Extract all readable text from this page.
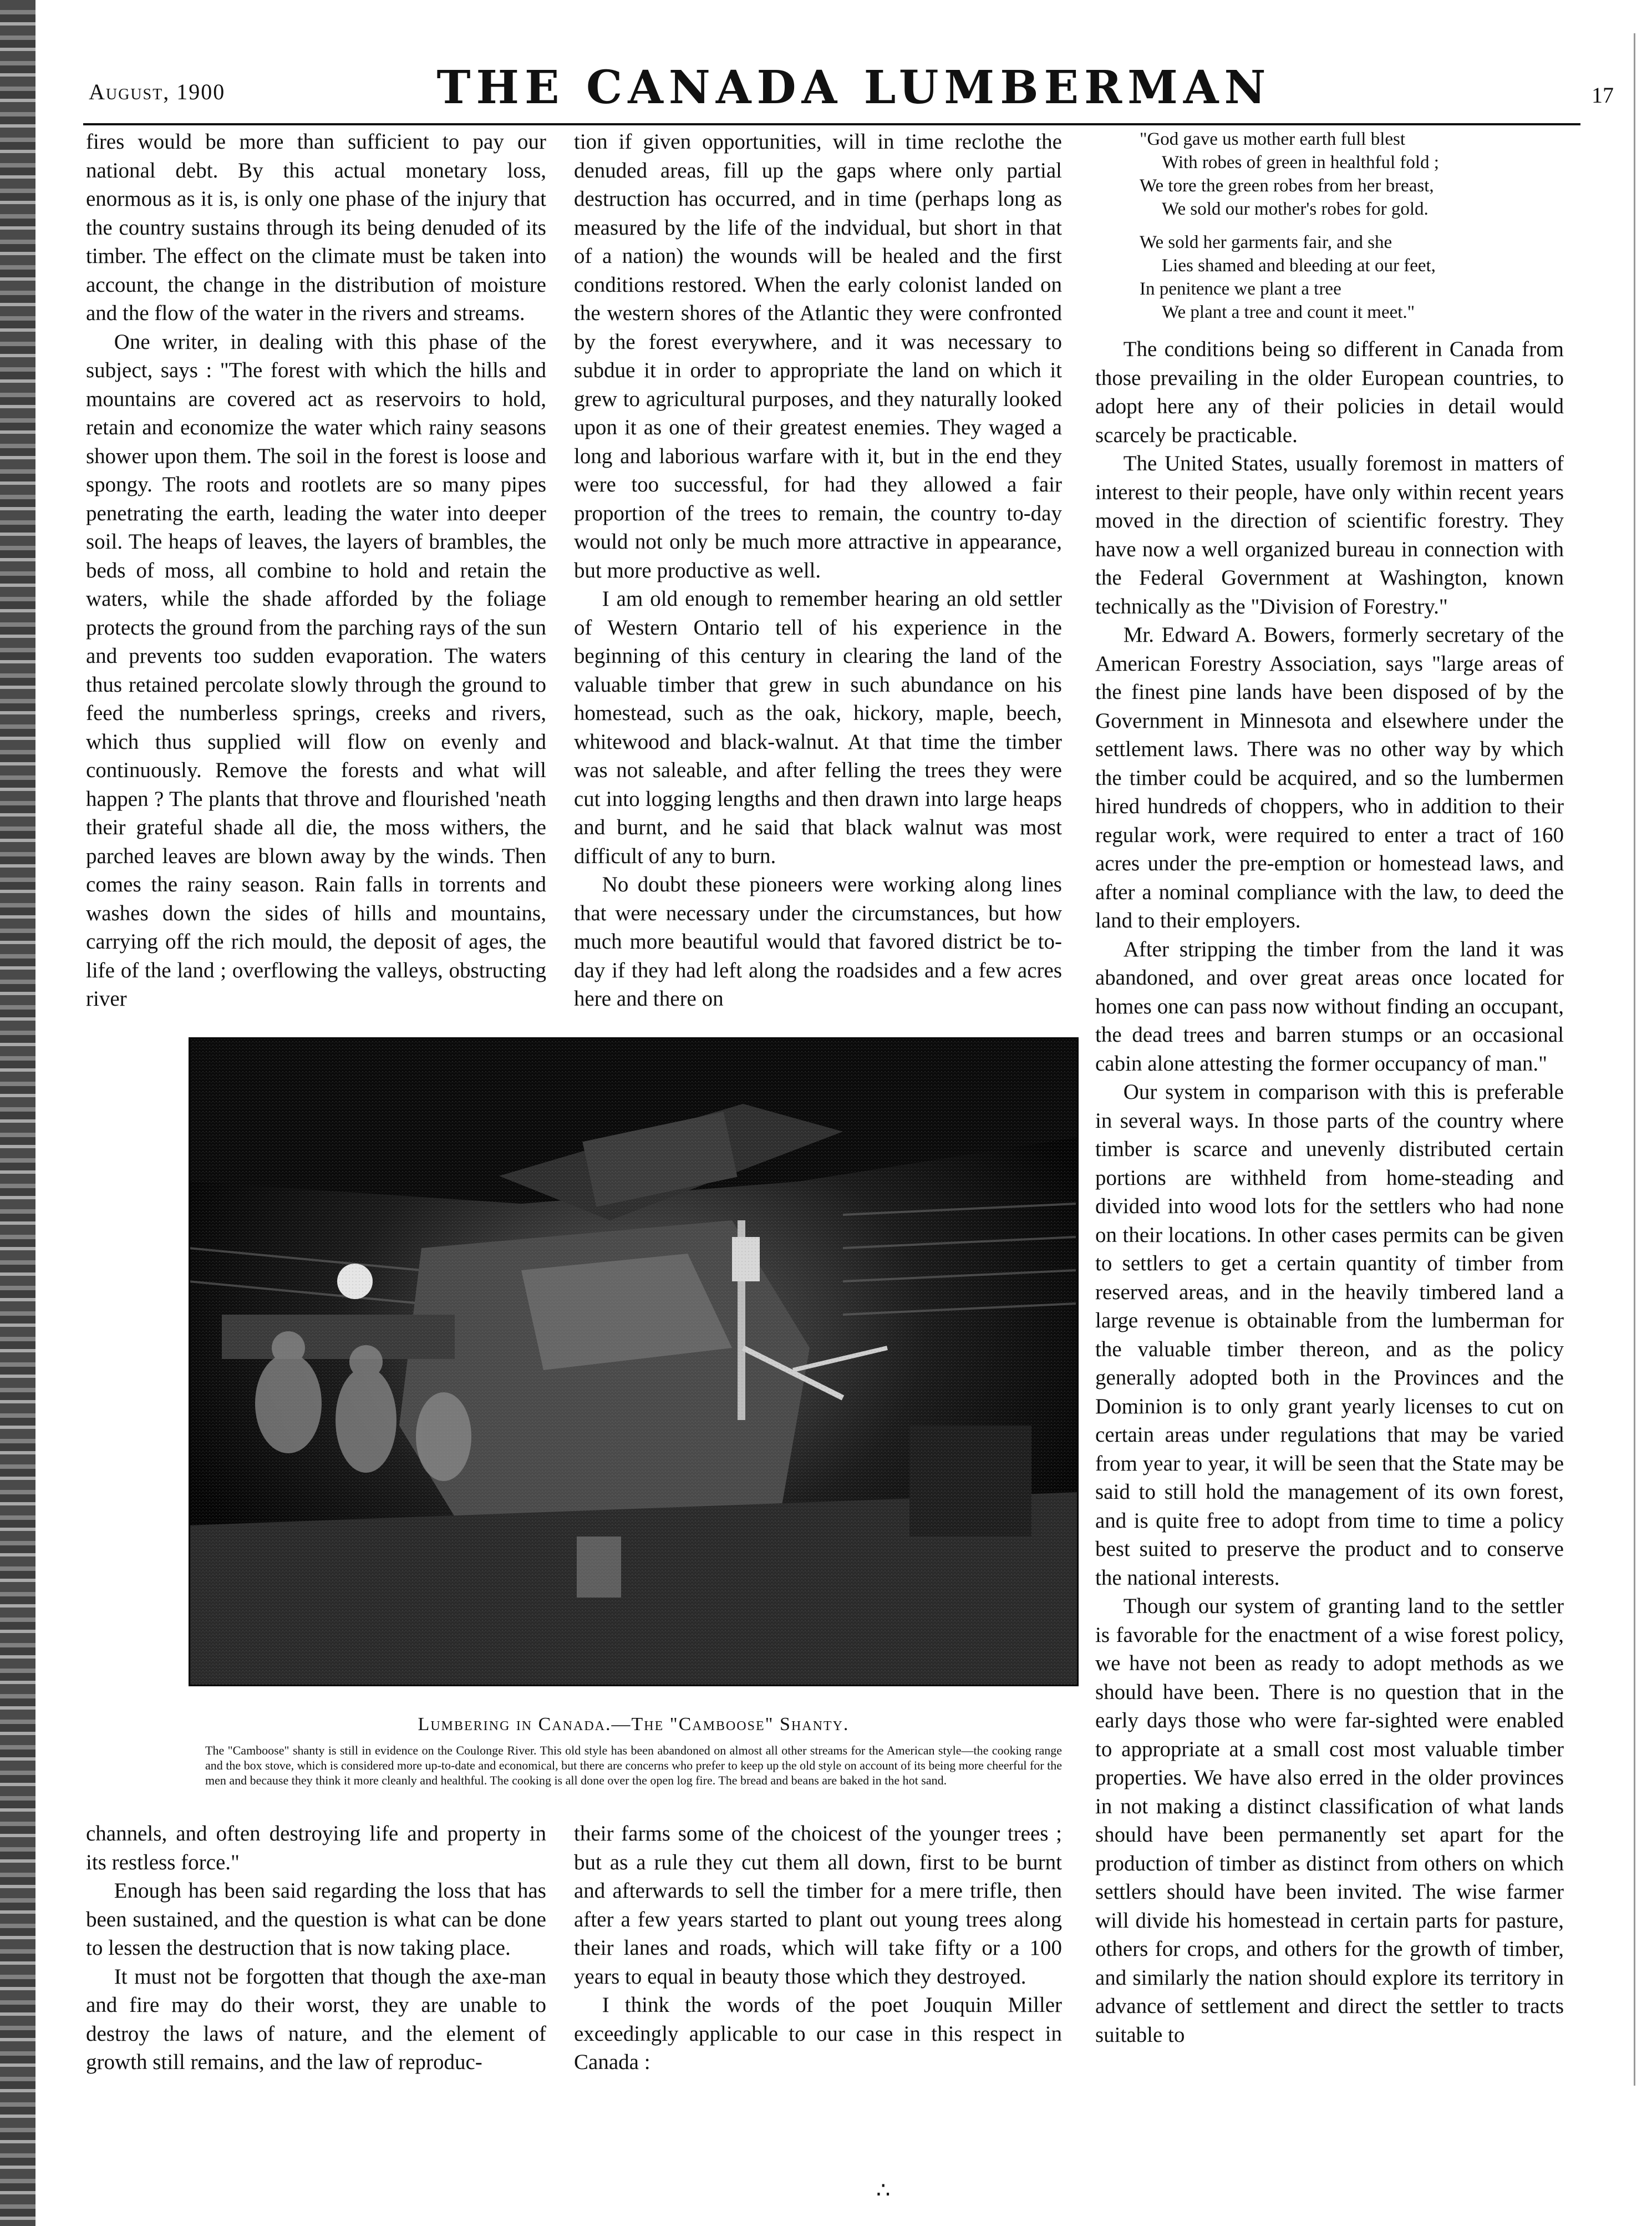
August, 1900	THE CANADA LUMBERMAN	17

fires would be more than sufficient to pay our national debt. By this actual monetary loss, enormous as it is, is only one phase of the injury that the country sustains through its being denuded of its timber. The effect on the climate must be taken into account, the change in the distribution of moisture and the flow of the water in the rivers and streams.

One writer, in dealing with this phase of the subject, says : "The forest with which the hills and mountains are covered act as reservoirs to hold, retain and economize the water which rainy seasons shower upon them. The soil in the forest is loose and spongy. The roots and rootlets are so many pipes penetrating the earth, leading the water into deeper soil. The heaps of leaves, the layers of brambles, the beds of moss, all combine to hold and retain the waters, while the shade afforded by the foliage protects the ground from the parching rays of the sun and prevents too sudden evaporation. The waters thus retained percolate slowly through the ground to feed the numberless springs, creeks and rivers, which thus supplied will flow on evenly and continuously. Remove the forests and what will happen ? The plants that throve and flourished 'neath their grateful shade all die, the moss withers, the parched leaves are blown away by the winds. Then comes the rainy season. Rain falls in torrents and washes down the sides of hills and mountains, carrying off the rich mould, the deposit of ages, the life of the land ; overflowing the valleys, obstructing river

tion if given opportunities, will in time reclothe the denuded areas, fill up the gaps where only partial destruction has occurred, and in time (perhaps long as measured by the life of the indvidual, but short in that of a nation) the wounds will be healed and the first conditions restored. When the early colonist landed on the western shores of the Atlantic they were confronted by the forest everywhere, and it was necessary to subdue it in order to appropriate the land on which it grew to agricultural purposes, and they naturally looked upon it as one of their greatest enemies. They waged a long and laborious warfare with it, but in the end they were too successful, for had they allowed a fair proportion of the trees to remain, the country to-day would not only be much more attractive in appearance, but more productive as well.

I am old enough to remember hearing an old settler of Western Ontario tell of his experience in the beginning of this century in clearing the land of the valuable timber that grew in such abundance on his homestead, such as the oak, hickory, maple, beech, whitewood and black-walnut. At that time the timber was not saleable, and after felling the trees they were cut into logging lengths and then drawn into large heaps and burnt, and he said that black walnut was most difficult of any to burn.

No doubt these pioneers were working along lines that were necessary under the circumstances, but how much more beautiful would that favored district be to-day if they had left along the roadsides and a few acres here and there on

"God gave us mother earth full blest
With robes of green in healthful fold ;
We tore the green robes from her breast,
We sold our mother's robes for gold.
We sold her garments fair, and she
Lies shamed and bleeding at our feet,
In penitence we plant a tree
We plant a tree and count it meet."

The conditions being so different in Canada from those prevailing in the older European countries, to adopt here any of their policies in detail would scarcely be practicable.

The United States, usually foremost in matters of interest to their people, have only within recent years moved in the direction of scientific forestry. They have now a well organized bureau in connection with the Federal Government at Washington, known technically as the "Division of Forestry."

Mr. Edward A. Bowers, formerly secretary of the American Forestry Association, says "large areas of the finest pine lands have been disposed of by the Government in Minnesota and elsewhere under the settlement laws. There was no other way by which the timber could be acquired, and so the lumbermen hired hundreds of choppers, who in addition to their regular work, were required to enter a tract of 160 acres under the pre-emption or homestead laws, and after a nominal compliance with the law, to deed the land to their employers.

After stripping the timber from the land it was abandoned, and over great areas once located for homes one can pass now without finding an occupant, the dead trees and barren stumps or an occasional cabin alone attesting the former occupancy of man."

Our system in comparison with this is preferable in several ways. In those parts of the country where timber is scarce and unevenly distributed certain portions are withheld from home-steading and divided into wood lots for the settlers who had none on their locations. In other cases permits can be given to settlers to get a certain quantity of timber from reserved areas, and in the heavily timbered land a large revenue is obtainable from the lumberman for the valuable timber thereon, and as the policy generally adopted both in the Provinces and the Dominion is to only grant yearly licenses to cut on certain areas under regulations that may be varied from year to year, it will be seen that the State may be said to still hold the management of its own forest, and is quite free to adopt from time to time a policy best suited to preserve the product and to conserve the national interests.

Though our system of granting land to the settler is favorable for the enactment of a wise forest policy, we have not been as ready to adopt methods as we should have been. There is no question that in the early days those who were far-sighted were enabled to appropriate at a small cost most valuable timber properties. We have also erred in the older provinces in not making a distinct classification of what lands should have been permanently set apart for the production of timber as distinct from others on which settlers should have been invited. The wise farmer will divide his homestead in certain parts for pasture, others for crops, and others for the growth of timber, and similarly the nation should explore its territory in advance of settlement and direct the settler to tracts suitable to

Lumbering in Canada.—The "Camboose" Shanty.
The "Camboose" shanty is still in evidence on the Coulonge River. This old style has been abandoned on almost all other streams for the American style—the cooking range and the box stove, which is considered more up-to-date and economical, but there are concerns who prefer to keep up the old style on account of its being more cheerful for the men and because they think it more cleanly and healthful. The cooking is all done over the open log fire. The bread and beans are baked in the hot sand.

channels, and often destroying life and property in its restless force."

Enough has been said regarding the loss that has been sustained, and the question is what can be done to lessen the destruction that is now taking place.

It must not be forgotten that though the axe-man and fire may do their worst, they are unable to destroy the laws of nature, and the element of growth still remains, and the law of reproduc-

their farms some of the choicest of the younger trees ; but as a rule they cut them all down, first to be burnt and afterwards to sell the timber for a mere trifle, then after a few years started to plant out young trees along their lanes and roads, which will take fifty or a 100 years to equal in beauty those which they destroyed.

I think the words of the poet Jouquin Miller exceedingly applicable to our case in this respect in Canada :

∴
